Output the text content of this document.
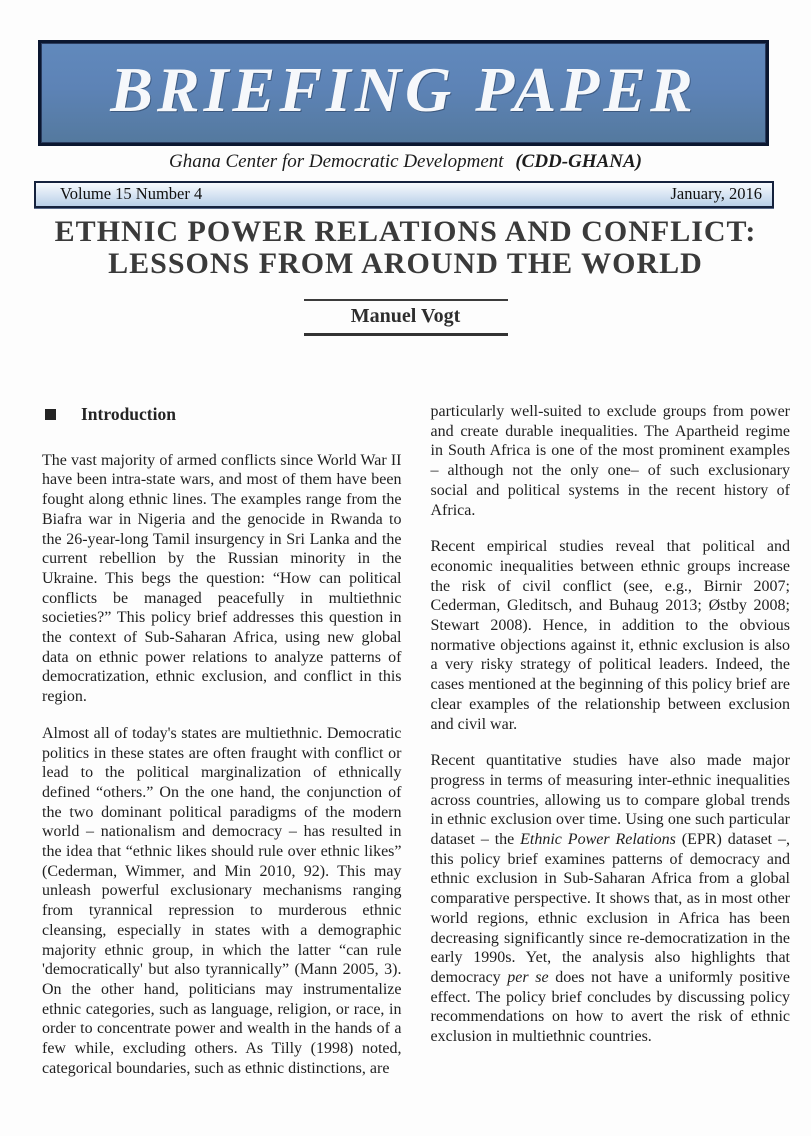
BRIEFING PAPER
Ghana Center for Democratic Development (CDD-GHANA)
Volume 15 Number 4	January, 2016
ETHNIC POWER RELATIONS AND CONFLICT:
LESSONS FROM AROUND THE WORLD
Manuel Vogt
Introduction

The vast majority of armed conflicts since World War II have been intra-state wars, and most of them have been fought along ethnic lines. The examples range from the Biafra war in Nigeria and the genocide in Rwanda to the 26-year-long Tamil insurgency in Sri Lanka and the current rebellion by the Russian minority in the Ukraine. This begs the question: “How can political conflicts be managed peacefully in multiethnic societies?” This policy brief addresses this question in the context of Sub-Saharan Africa, using new global data on ethnic power relations to analyze patterns of democratization, ethnic exclusion, and conflict in this region.

Almost all of today's states are multiethnic. Democratic politics in these states are often fraught with conflict or lead to the political marginalization of ethnically defined “others.” On the one hand, the conjunction of the two dominant political paradigms of the modern world – nationalism and democracy – has resulted in the idea that “ethnic likes should rule over ethnic likes” (Cederman, Wimmer, and Min 2010, 92). This may unleash powerful exclusionary mechanisms ranging from tyrannical repression to murderous ethnic cleansing, especially in states with a demographic majority ethnic group, in which the latter “can rule 'democratically' but also tyrannically” (Mann 2005, 3). On the other hand, politicians may instrumentalize ethnic categories, such as language, religion, or race, in order to concentrate power and wealth in the hands of a few while, excluding others. As Tilly (1998) noted, categorical boundaries, such as ethnic distinctions, are

particularly well-suited to exclude groups from power and create durable inequalities. The Apartheid regime in South Africa is one of the most prominent examples – although not the only one– of such exclusionary social and political systems in the recent history of Africa.

Recent empirical studies reveal that political and economic inequalities between ethnic groups increase the risk of civil conflict (see, e.g., Birnir 2007; Cederman, Gleditsch, and Buhaug 2013; Østby 2008; Stewart 2008). Hence, in addition to the obvious normative objections against it, ethnic exclusion is also a very risky strategy of political leaders. Indeed, the cases mentioned at the beginning of this policy brief are clear examples of the relationship between exclusion and civil war.

Recent quantitative studies have also made major progress in terms of measuring inter-ethnic inequalities across countries, allowing us to compare global trends in ethnic exclusion over time. Using one such particular dataset – the Ethnic Power Relations (EPR) dataset –, this policy brief examines patterns of democracy and ethnic exclusion in Sub-Saharan Africa from a global comparative perspective. It shows that, as in most other world regions, ethnic exclusion in Africa has been decreasing significantly since re-democratization in the early 1990s. Yet, the analysis also highlights that democracy per se does not have a uniformly positive effect. The policy brief concludes by discussing policy recommendations on how to avert the risk of ethnic exclusion in multiethnic countries.
